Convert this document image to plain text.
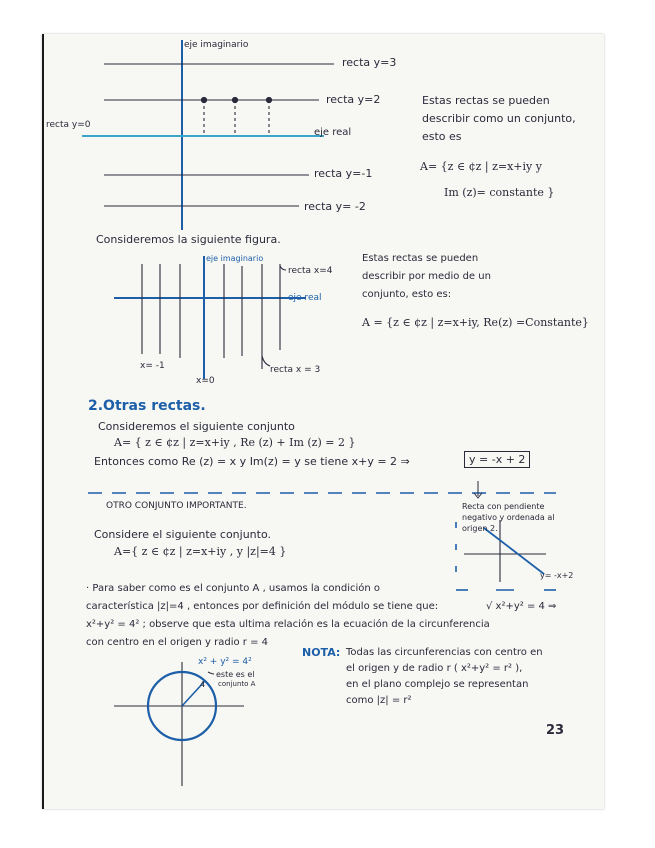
eje imaginario
recta y=3
recta y=2
recta y=0
eje real
recta y=-1
recta y= -2
Estas rectas se pueden
describir como un conjunto,
esto es
A= {z ∈ ¢z | z=x+iy y
Im (z)= constante }
Consideremos la siguiente figura.
eje imaginario
recta x=4
eje real
x= -1
x=0
recta x = 3
Estas rectas se pueden
describir por medio de un
conjunto, esto es:
A = {z ∈ ¢z | z=x+iy, Re(z) =Constante}
2.Otras rectas.
Consideremos el siguiente conjunto
A= { z ∈ ¢z | z=x+iy , Re (z) + Im (z) = 2 }
Entonces como Re (z) = x y Im(z) = y se tiene x+y = 2 ⇒	y = -x + 2
Recta con pendiente
negativo y ordenada al
origen 2.
OTRO CONJUNTO IMPORTANTE.
Considere el siguiente conjunto.
A={ z ∈ ¢z | z=x+iy , y |z|=4 }
y= -x+2
· Para saber como es el conjunto A , usamos la condición o
característica |z|=4 , entonces por definición del módulo se tiene que:	√ x²+y² = 4 ⇒
x²+y² = 4² ; observe que esta ultima relación es la ecuación de la circunferencia
con centro en el origen y radio r = 4
x² + y² = 4²
4
este es el
conjunto A
NOTA: Todas las circunferencias con centro en
el origen y de radio r ( x²+y² = r² ),
en el plano complejo se representan
como |z| = r²
23
